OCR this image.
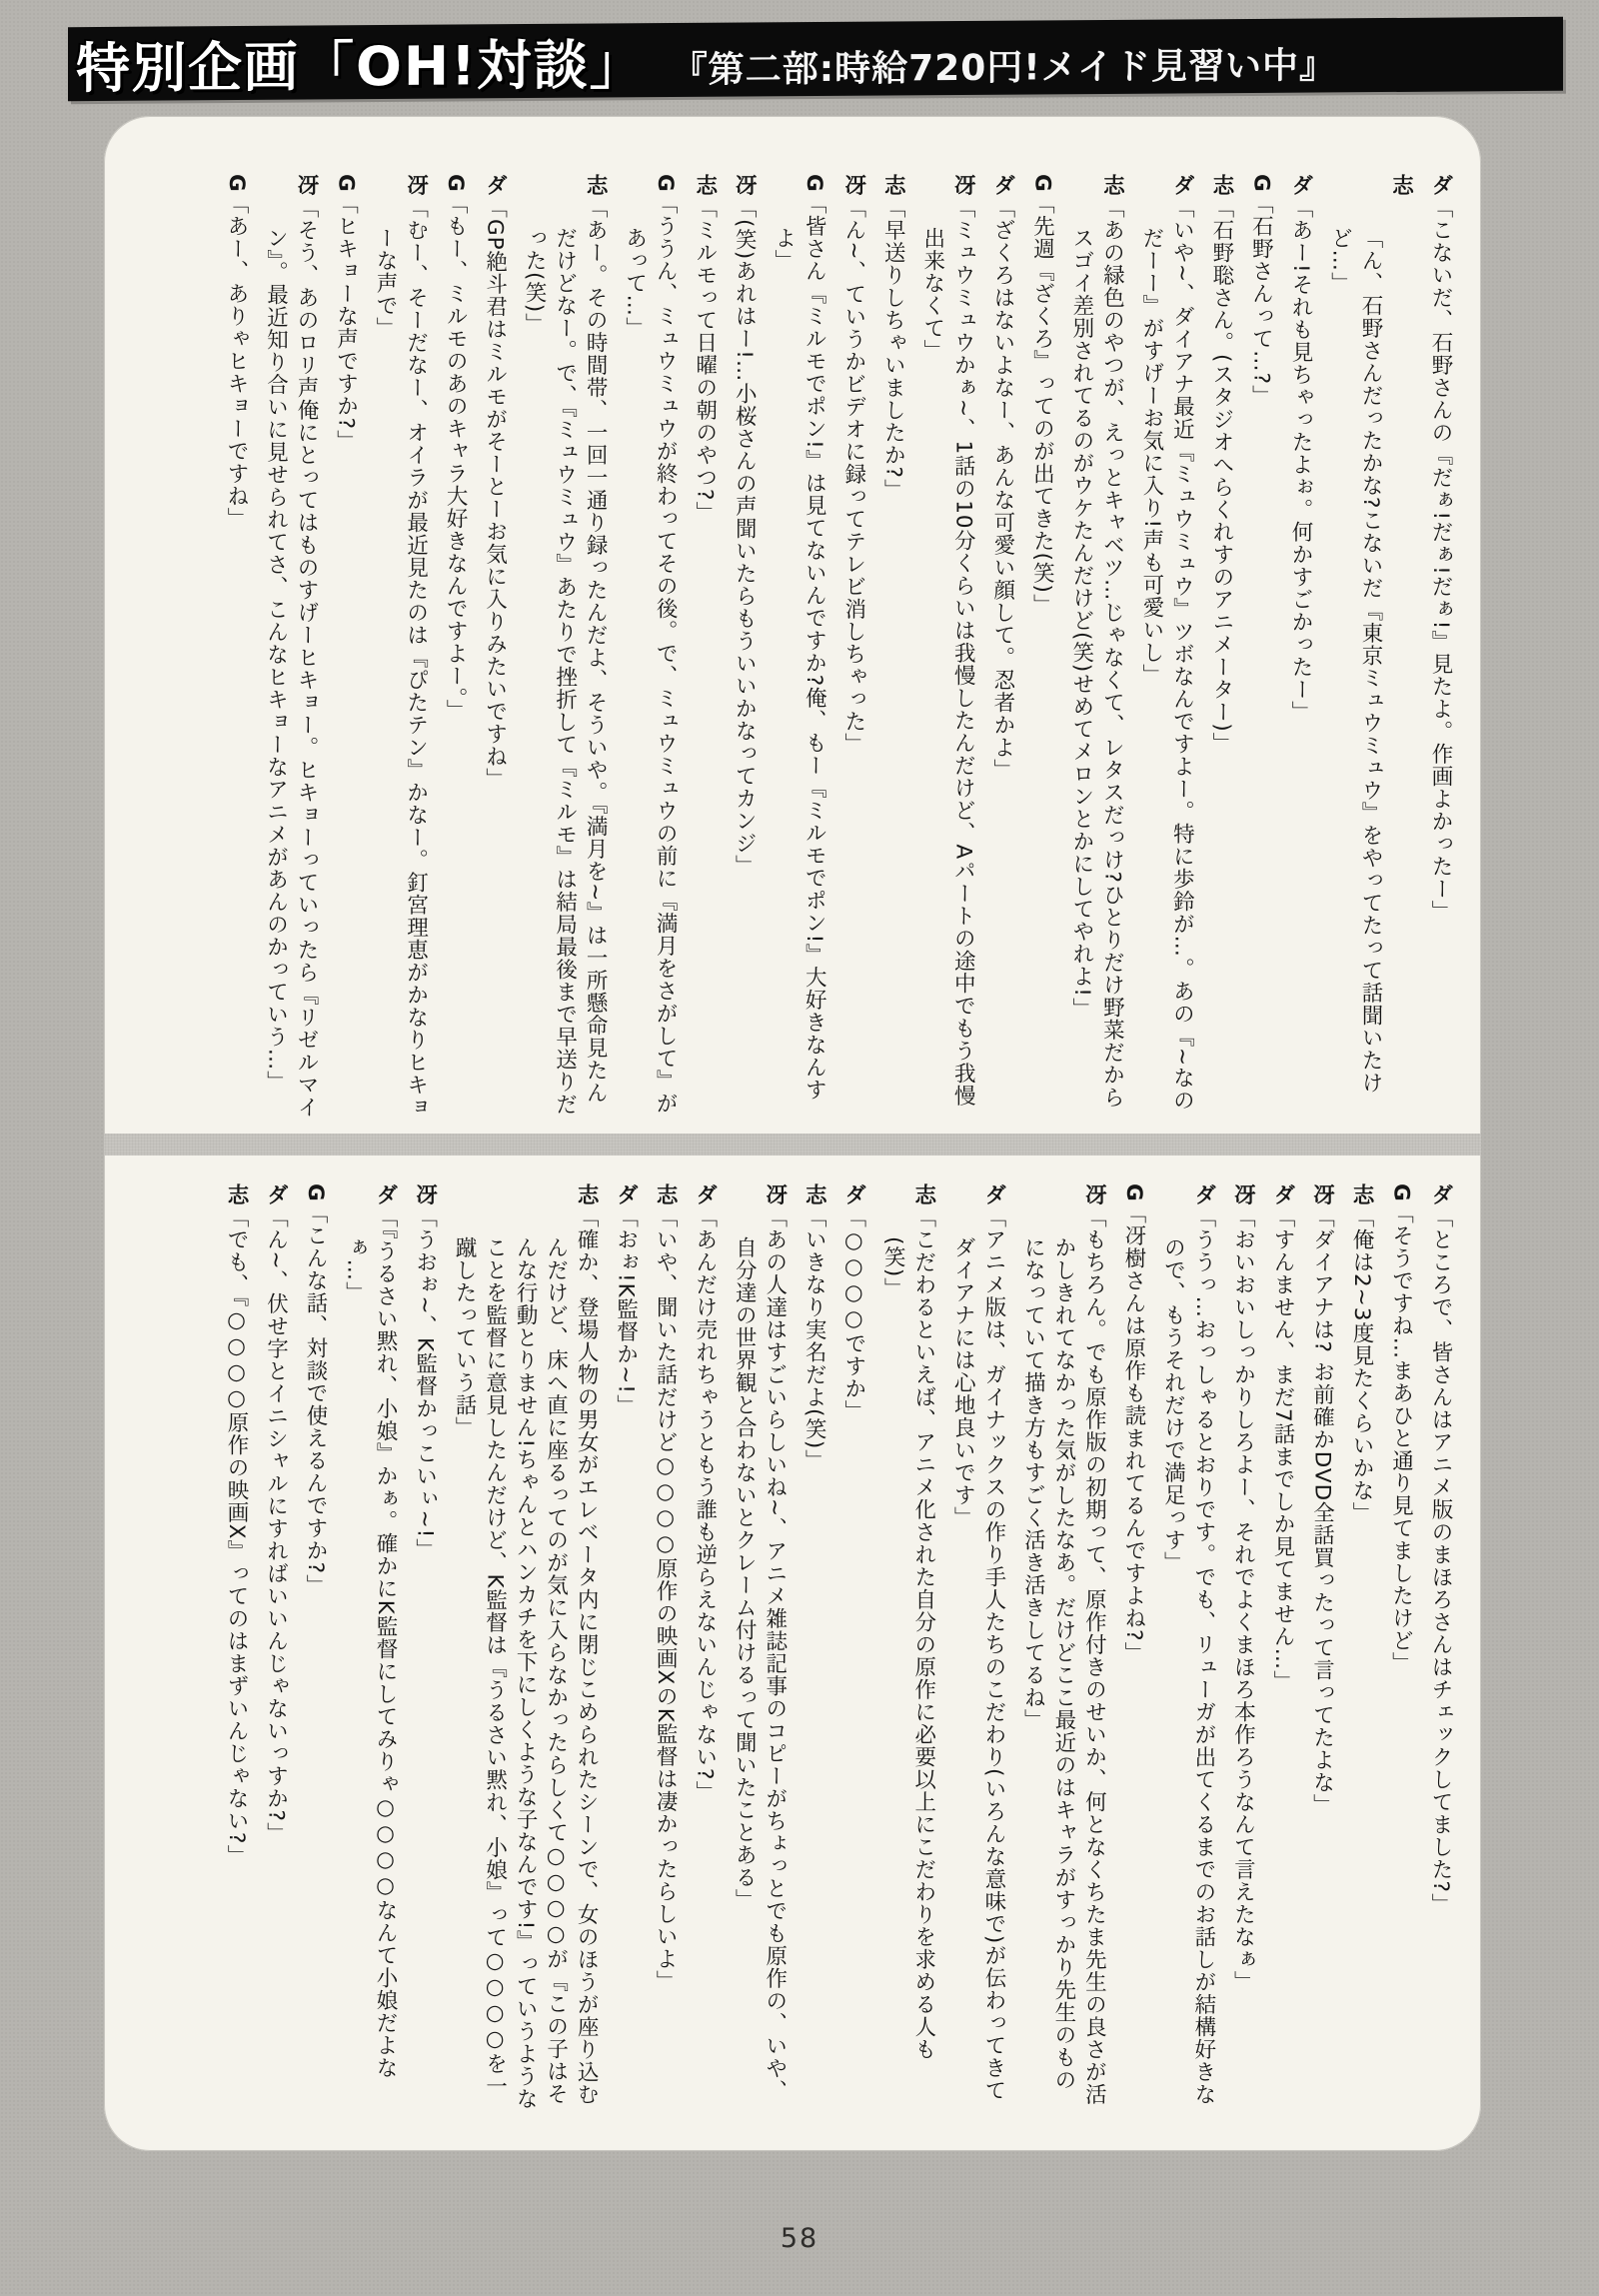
特別企画「OH!対談」 『第二部:時給720円!メイド見習い中』
ダ「こないだ、石野さんの『だぁ!だぁ!だぁ!』見たよ。作画よかったー」
志「ん、石野さんだったかな?こないだ『東京ミュウミュウ』をやってたって話聞いたけど…」
ダ「あー!それも見ちゃったよぉ。何かすごかったー」
G「石野さんって…?」
志「石野聡さん。(スタジオへらくれすのアニメーター)」
ダ「いや~、ダイアナ最近『ミュウミュウ』ツボなんですよー。特に歩鈴が…。あの『~なのだーー』がすげーお気に入り!声も可愛いし」
志「あの緑色のやつが、えっとキャベツ…じゃなくて、レタスだっけ?ひとりだけ野菜だからスゴイ差別されてるのがウケたんだけど(笑)せめてメロンとかにしてやれよ!」
G「先週『ざくろ』ってのが出てきた(笑)」
ダ「ざくろはないよなー、あんな可愛い顔して。忍者かよ」
冴「ミュウミュウかぁ~、1話の10分くらいは我慢したんだけど、Aパートの途中でもう我慢出来なくて」
志「早送りしちゃいましたか?」
冴「ん~、ていうかビデオに録ってテレビ消しちゃった」
G「皆さん『ミルモでポン!』は見てないんですか?俺、もー『ミルモでポン!』大好きなんすよ」
冴「(笑)あれはー!…小桜さんの声聞いたらもういいかなってカンジ」
志「ミルモって日曜の朝のやつ?」
G「ううん、ミュウミュウが終わってその後。で、ミュウミュウの前に『満月をさがして』があって…」
志「あー。その時間帯、一回一通り録ったんだよ、そういや。『満月を~』は一所懸命見たんだけどなー。で、『ミュウミュウ』あたりで挫折して『ミルモ』は結局最後まで早送りだった(笑)」
ダ「GP絶斗君はミルモがそーとーお気に入りみたいですね」
G「もー、ミルモのあのキャラ大好きなんですよー。」
冴「むー、そーだなー、オイラが最近見たのは『ぴたテン』かなー。釘宮理恵がかなりヒキョーな声で」
G「ヒキョーな声ですか?」
冴「そう、あのロリ声俺にとってはものすげーヒキョー。ヒキョーっていったら『リゼルマイン』。最近知り合いに見せられてさ、こんなヒキョーなアニメがあんのかっていう…」
G「あー、ありゃヒキョーですね」
ダ「ところで、皆さんはアニメ版のまほろさんはチェックしてました?」
G「そうですね…まあひと通り見てましたけど」
志「俺は2~3度見たくらいかな」
冴「ダイアナは? お前確かDVD全話買ったって言ってたよな」
ダ「すんません、まだ7話までしか見てません…」
冴「おいおいしっかりしろよー、それでよくまほろ本作ろうなんて言えたなぁ」
ダ「ううっ…おっしゃるとおりです。でも、リューガが出てくるまでのお話しが結構好きなので、もうそれだけで満足っす」
G「冴樹さんは原作も読まれてるんですよね?」
冴「もちろん。でも原作版の初期って、原作付きのせいか、何となくちたま先生の良さが活かしきれてなかった気がしたなあ。だけどここ最近のはキャラがすっかり先生のものになっていて描き方もすごく活き活きしてるね」
ダ「アニメ版は、ガイナックスの作り手人たちのこだわり(いろんな意味で)が伝わってきてダイアナには心地良いです」
志「こだわるといえば、アニメ化された自分の原作に必要以上にこだわりを求める人も(笑)」
ダ「○○○○ですか」
志「いきなり実名だよ(笑)」
冴「あの人達はすごいらしいね~、アニメ雑誌記事のコピーがちょっとでも原作の、いや、自分達の世界観と合わないとクレーム付けるって聞いたことある」
ダ「あんだけ売れちゃうともう誰も逆らえないんじゃない?」
志「いや、聞いた話だけど○○○○原作の映画XのK監督は凄かったらしいよ」
ダ「おぉ!K監督か~!」
志「確か、登場人物の男女がエレベータ内に閉じこめられたシーンで、女のほうが座り込むんだけど、床へ直に座るってのが気に入らなかったらしくて○○○○が『この子はそんな行動とりません!ちゃんとハンカチを下にしくような子なんです!』っていうようなことを監督に意見したんだけど、K監督は『うるさい黙れ、小娘』って○○○○を一蹴したっていう話」
冴「うおぉ~、K監督かっこいぃ~!」
ダ「『うるさい黙れ、小娘』かぁ。確かにK監督にしてみりゃ○○○○なんて小娘だよなぁ…」
G「こんな話、対談で使えるんですか?」
ダ「ん~、伏せ字とイニシャルにすればいいんじゃないっすか?」
志「でも、『○○○○原作の映画X』ってのはまずいんじゃない?」
58
